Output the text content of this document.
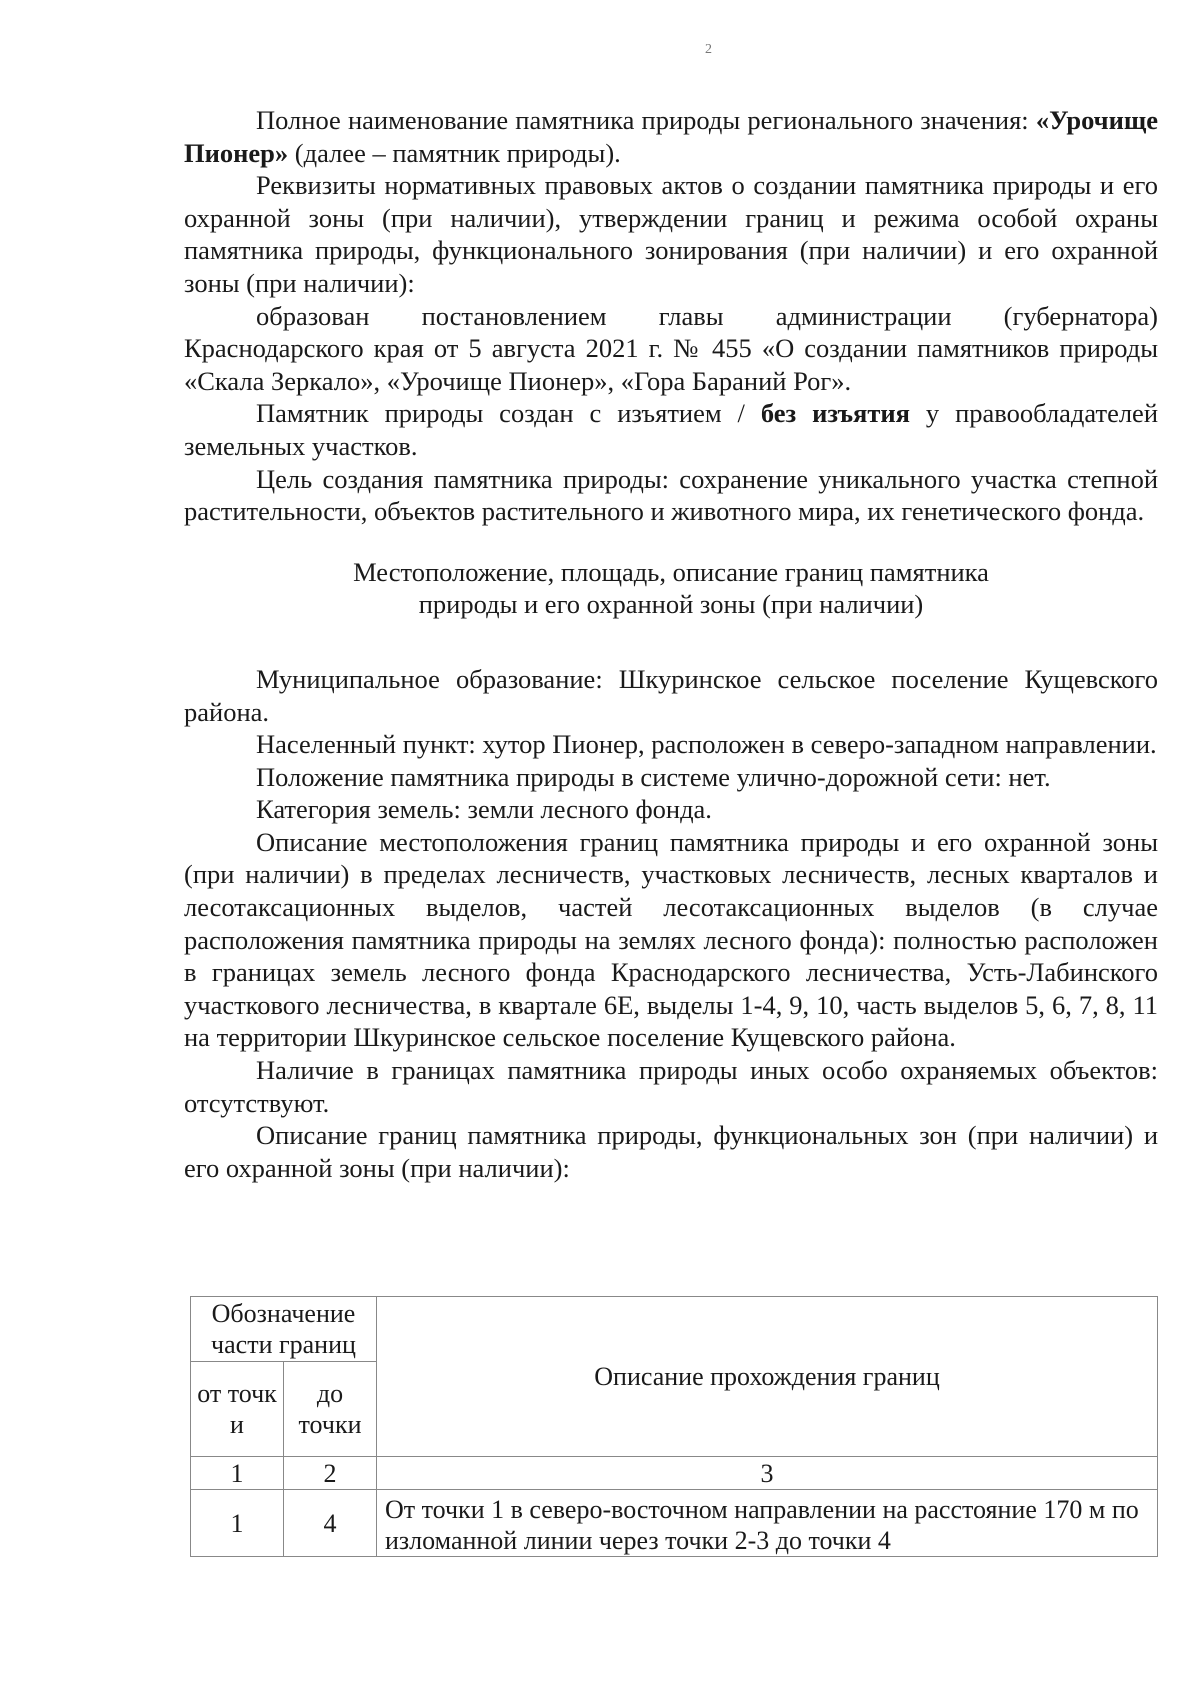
2

Полное наименование памятника природы регионального значения: «Урочище Пионер» (далее – памятник природы).

Реквизиты нормативных правовых актов о создании памятника природы и его охранной зоны (при наличии), утверждении границ и режима особой охраны памятника природы, функционального зонирования (при наличии) и его охранной зоны (при наличии):

образован постановлением главы администрации (губернатора) Краснодарского края от 5 августа 2021 г. № 455 «О создании памятников природы «Скала Зеркало», «Урочище Пионер», «Гора Бараний Рог».

Памятник природы создан с изъятием / без изъятия у правообладателей земельных участков.

Цель создания памятника природы: сохранение уникального участка степной растительности, объектов растительного и животного мира, их генетического фонда.

Местоположение, площадь, описание границ памятника
природы и его охранной зоны (при наличии)

Муниципальное образование: Шкуринское сельское поселение Кущевского района.

Населенный пункт: хутор Пионер, расположен в северо-западном направлении.

Положение памятника природы в системе улично-дорожной сети: нет.

Категория земель: земли лесного фонда.

Описание местоположения границ памятника природы и его охранной зоны (при наличии) в пределах лесничеств, участковых лесничеств, лесных кварталов и лесотаксационных выделов, частей лесотаксационных выделов (в случае расположения памятника природы на землях лесного фонда): полностью расположен в границах земель лесного фонда Краснодарского лесничества, Усть-Лабинского участкового лесничества, в квартале 6Е, выделы 1-4, 9, 10, часть выделов 5, 6, 7, 8, 11 на территории Шкуринское сельское поселение Кущевского района.

Наличие в границах памятника природы иных особо охраняемых объектов: отсутствуют.

Описание границ памятника природы, функциональных зон (при наличии) и его охранной зоны (при наличии):

Обозначение части границ		Описание прохождения границ
от точк и	до точки	
1	2	3
1	4	От точки 1 в северо-восточном направлении на расстояние 170 м по изломанной линии через точки 2-3 до точки 4
